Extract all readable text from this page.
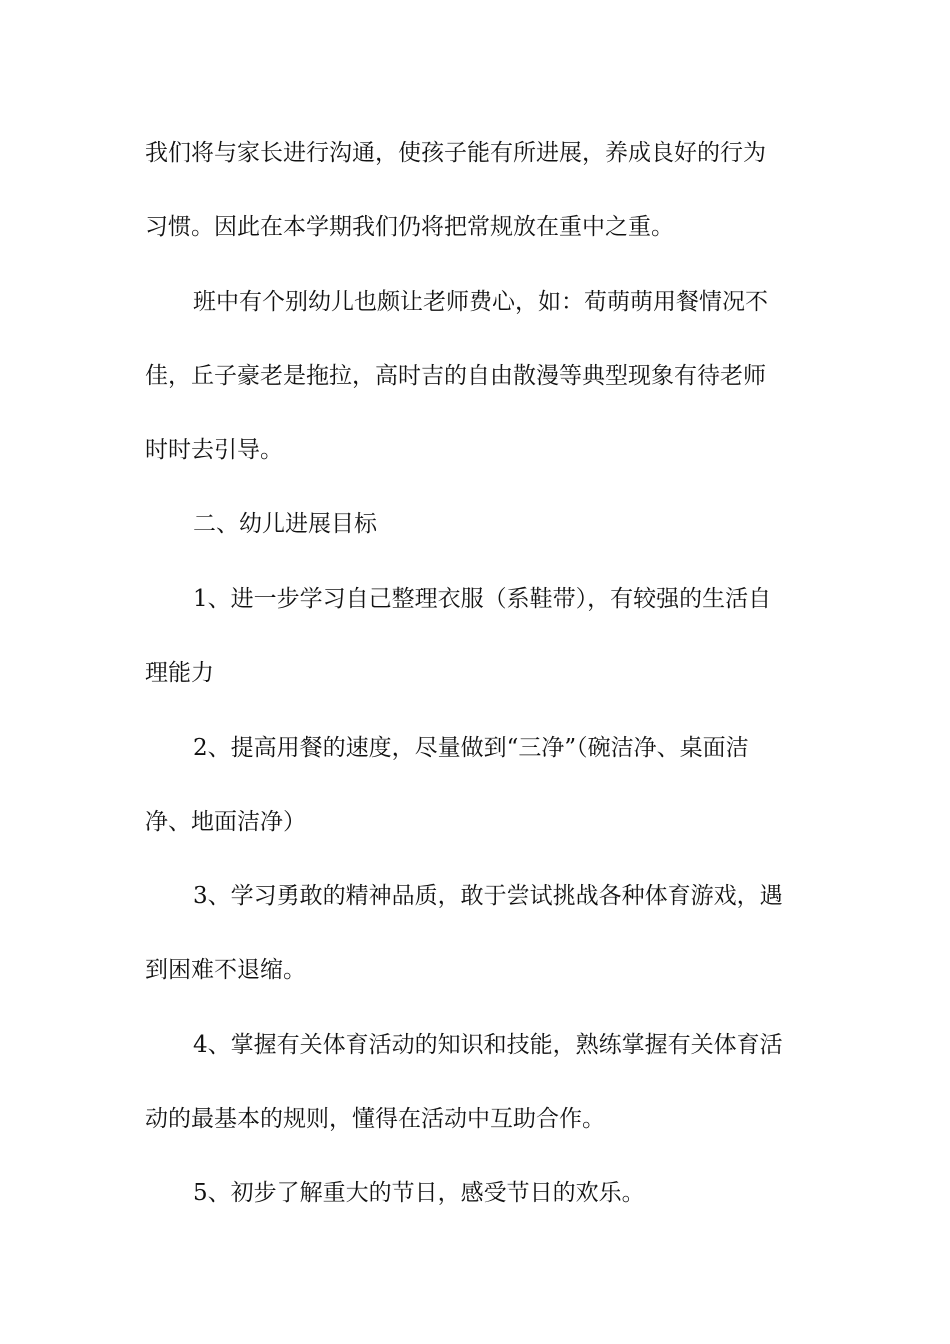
我们将与家长进行沟通，使孩子能有所进展，养成良好的行为
习惯。因此在本学期我们仍将把常规放在重中之重。
班中有个别幼儿也颇让老师费心，如：荀萌萌用餐情况不
佳，丘子豪老是拖拉，高时吉的自由散漫等典型现象有待老师
时时去引导。
二、幼儿进展目标
1、进一步学习自己整理衣服（系鞋带），有较强的生活自
理能力
2、提高用餐的速度，尽量做到“三净”（碗洁净、桌面洁
净、地面洁净）
3、学习勇敢的精神品质，敢于尝试挑战各种体育游戏，遇
到困难不退缩。
4、掌握有关体育活动的知识和技能，熟练掌握有关体育活
动的最基本的规则，懂得在活动中互助合作。
5、初步了解重大的节日，感受节日的欢乐。
